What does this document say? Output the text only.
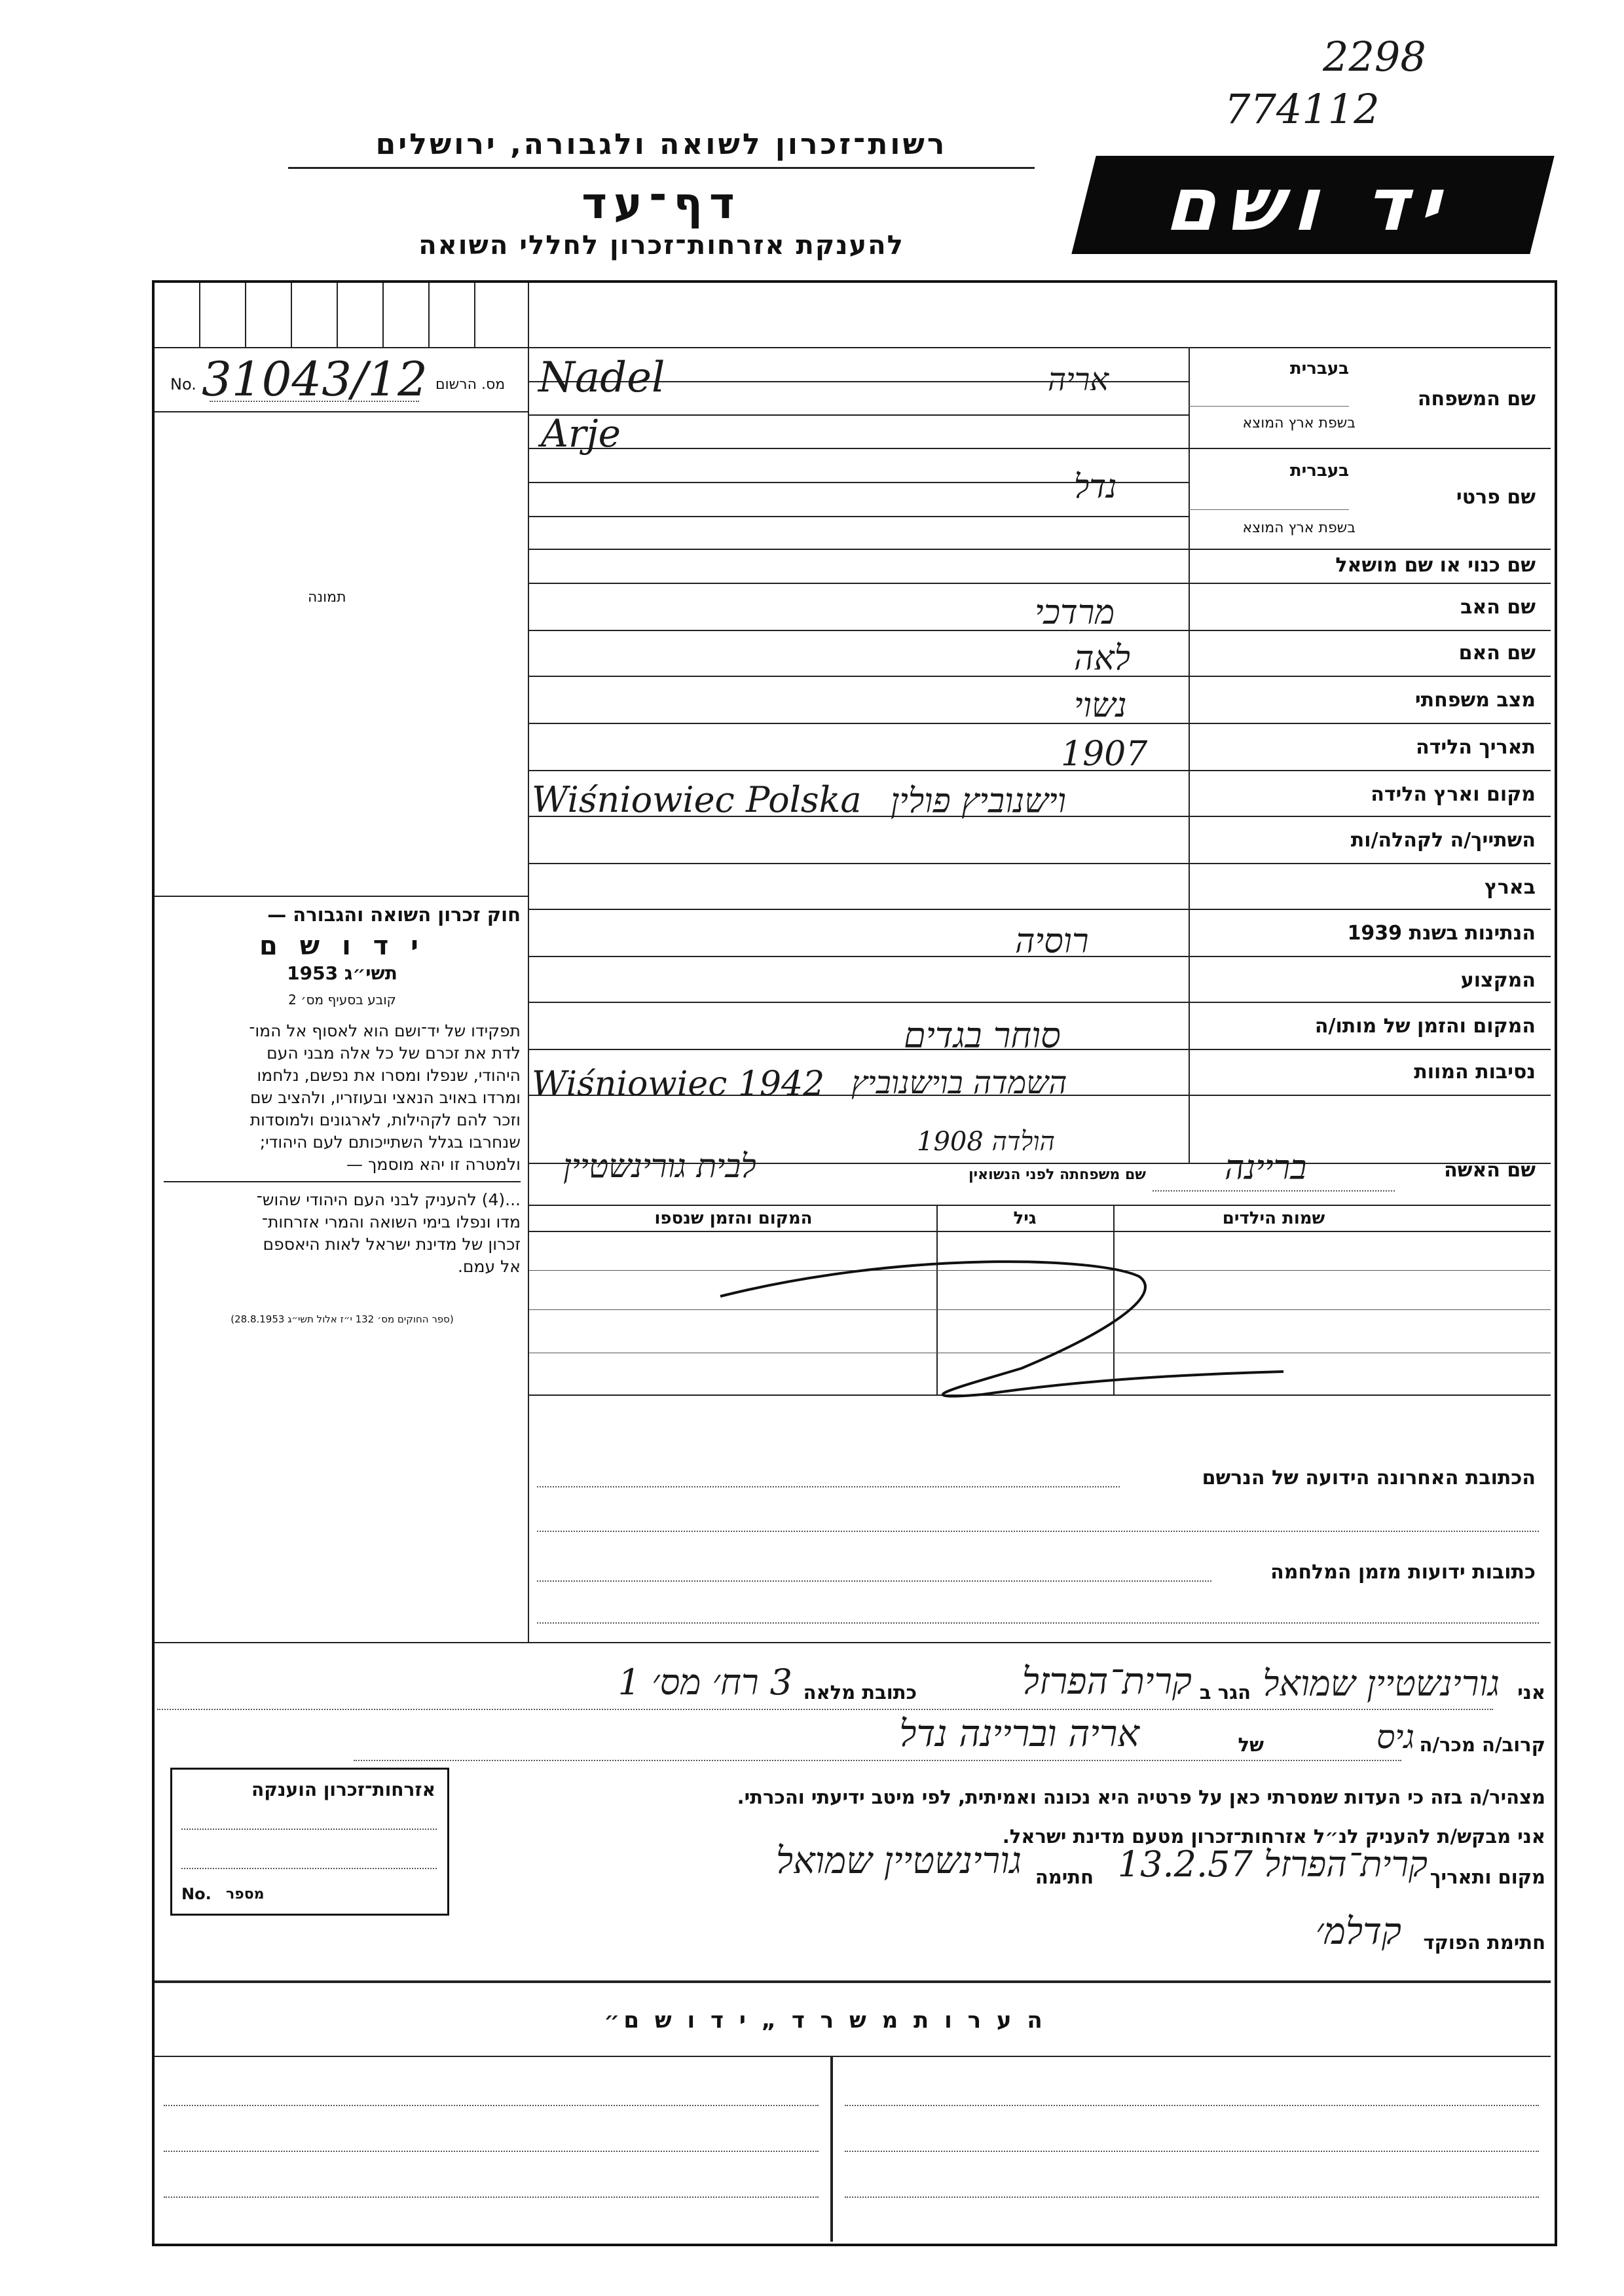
2298
774112
רשות־זכרון לשואה ולגבורה, ירושלים
דף־עד
להענקת אזרחות־זכרון לחללי השואה	יד ושם
No. 31043/12 מס. הרשום
תמונה
חוק זכרון השואה והגבורה —
י ד ו ש ם
תשי״ג 1953
קובע בסעיף מס׳ 2
תפקידו של יד־ושם הוא לאסוף אל המו־
לדת את זכרם של כל אלה מבני העם
היהודי, שנפלו ומסרו את נפשם, נלחמו
ומרדו באויב הנאצי ובעוזריו, ולהציב שם
וזכר להם לקהילות, לארגונים ולמוסדות
שנחרבו בגלל השתייכותם לעם היהודי;
ולמטרה זו יהא מוסמך —
...(4) להעניק לבני העם היהודי שהוש־
מדו ונפלו בימי השואה והמרי אזרחות־
זכרון של מדינת ישראל לאות היאספם
אל עמם.
(ספר החוקים מס׳ 132 י״ז אלול תשי״ג 28.8.1953)
שם המשפחה
בעברית
בשפת ארץ המוצא
Nadel	אריה
שם פרטי
בעברית
בשפת ארץ המוצא
Arje
נדל
שם כנוי או שם מושאל
שם האב
מרדכי
שם האם
לאה
מצב משפחתי
נשוי
תאריך הלידה
1907
מקום וארץ הלידה
Wiśniowiec Polska וישנוביץ פולין
השתייך/ה לקהלה/ות
בארץ
הנתינות בשנת 1939
רוסיה
המקצוע
המקום והזמן של מותו/ה
סוחר בגדים
נסיבות המוות
Wiśniowiec 1942 השמדה בוישנוביץ
שם האשה
שם משפחתה לפני הנשואין
הולדה 1908
בריינה
לבית גורינשטיין
שמות הילדים
גיל
המקום והזמן שנספו
הכתובת האחרונה הידועה של הנרשם
כתובות ידועות מזמן המלחמה
אני
גורינשטיין שמואל
הגר ב
קרית־הפרזל
כתובת מלאה
3 רח׳ מס׳ 1
קרוב/ה מכר/ה
גיס
של
אריה ובריינה נדל
מצהיר/ה בזה כי העדות שמסרתי כאן על פרטיה היא נכונה ואמיתית, לפי מיטב ידיעתי והכרתי.
אני מבקש/ת להעניק לנ״ל אזרחות־זכרון מטעם מדינת ישראל.
מקום ותאריך
קרית־הפרזל 13.2.57
חתימה
גורינשטיין שמואל
חתימת הפוקד
קדלמ׳
אזרחות־זכרון הוענקה
No. מספר
ה ע ר ו ת מ ש ר ד „ י ד ו ש ם״
